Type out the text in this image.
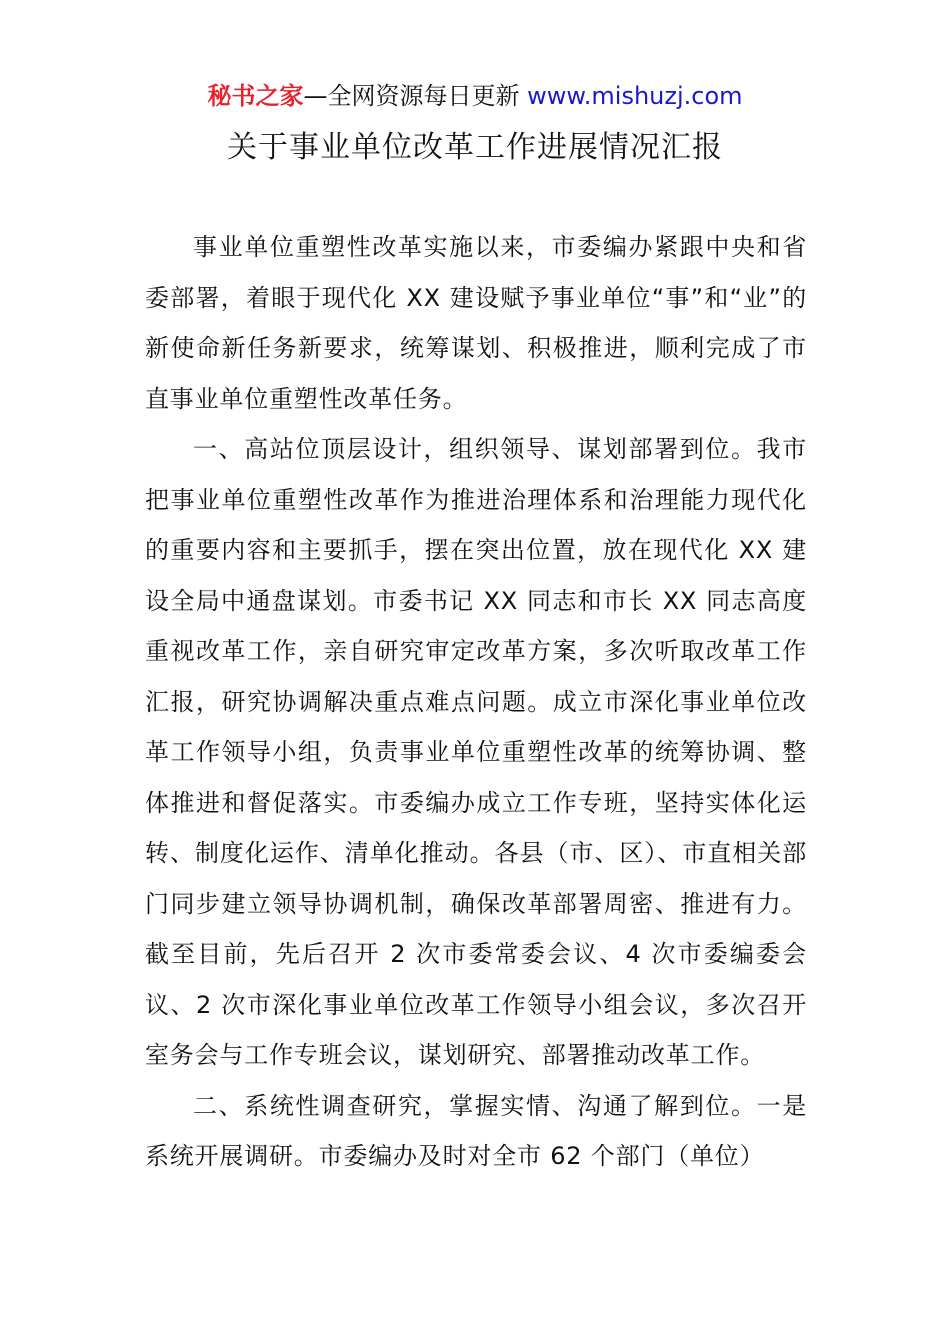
秘书之家—全网资源每日更新 www.mishuzj.com
关于事业单位改革工作进展情况汇报

事业单位重塑性改革实施以来，市委编办紧跟中央和省委部署，着眼于现代化 XX 建设赋予事业单位“事”和“业”的新使命新任务新要求，统筹谋划、积极推进，顺利完成了市直事业单位重塑性改革任务。

一、高站位顶层设计，组织领导、谋划部署到位。我市把事业单位重塑性改革作为推进治理体系和治理能力现代化的重要内容和主要抓手，摆在突出位置，放在现代化 XX 建设全局中通盘谋划。市委书记 XX 同志和市长 XX 同志高度重视改革工作，亲自研究审定改革方案，多次听取改革工作汇报，研究协调解决重点难点问题。成立市深化事业单位改革工作领导小组，负责事业单位重塑性改革的统筹协调、整体推进和督促落实。市委编办成立工作专班，坚持实体化运转、制度化运作、清单化推动。各县（市、区）、市直相关部门同步建立领导协调机制，确保改革部署周密、推进有力。截至目前，先后召开 2 次市委常委会议、4 次市委编委会议、2 次市深化事业单位改革工作领导小组会议，多次召开室务会与工作专班会议，谋划研究、部署推动改革工作。

二、系统性调查研究，掌握实情、沟通了解到位。一是系统开展调研。市委编办及时对全市 62 个部门（单位）
